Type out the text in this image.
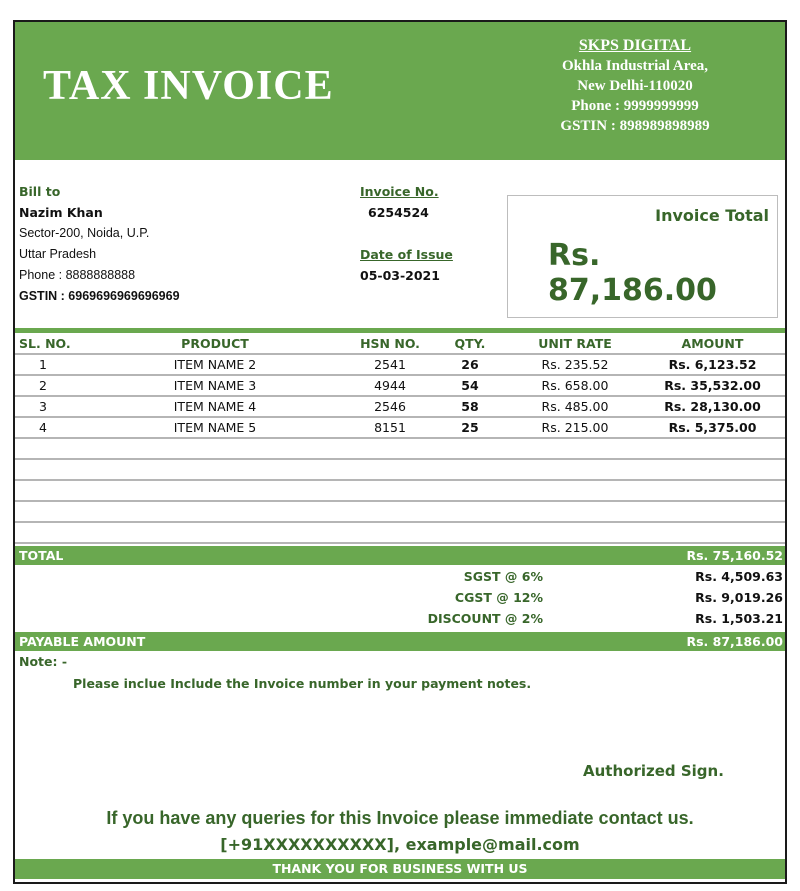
TAX INVOICE
SKPS DIGITAL
Okhla Industrial Area,
New Delhi-110020
Phone : 9999999999
GSTIN : 898989898989
Bill to
Nazim Khan
Sector-200, Noida, U.P.
Uttar Pradesh
Phone : 8888888888
GSTIN : 6969696969696969
Invoice No.
6254524
Date of Issue
05-03-2021
Invoice Total
Rs. 87,186.00
SL. NO.	PRODUCT	HSN NO.	QTY.	UNIT RATE	AMOUNT
1	ITEM NAME 2	2541	26	Rs. 235.52	Rs. 6,123.52
2	ITEM NAME 3	4944	54	Rs. 658.00	Rs. 35,532.00
3	ITEM NAME 4	2546	58	Rs. 485.00	Rs. 28,130.00
4	ITEM NAME 5	8151	25	Rs. 215.00	Rs. 5,375.00
TOTAL	Rs. 75,160.52
SGST @ 6%	Rs. 4,509.63
CGST @ 12%	Rs. 9,019.26
DISCOUNT @ 2%	Rs. 1,503.21
PAYABLE AMOUNT	Rs. 87,186.00
Note: -
Please inclue Include the Invoice number in your payment notes.
Authorized Sign.
If you have any queries for this Invoice please immediate contact us.
[+91XXXXXXXXXX], example@mail.com
THANK YOU FOR BUSINESS WITH US
